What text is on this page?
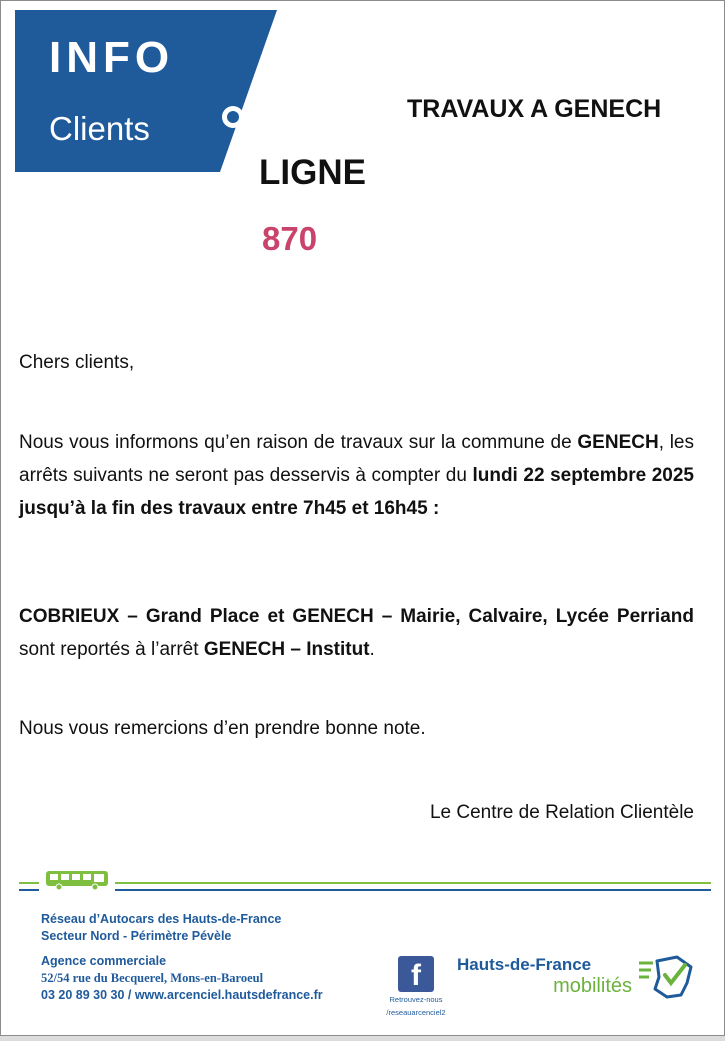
INFO
Clients
TRAVAUX A GENECH
LIGNE
870
Chers clients,
Nous vous informons qu’en raison de travaux sur la commune de GENECH, les arrêts suivants ne seront pas desservis à compter du lundi 22 septembre 2025 jusqu’à la fin des travaux entre 7h45 et 16h45 :
COBRIEUX – Grand Place et GENECH – Mairie, Calvaire, Lycée Perriand sont reportés à l’arrêt GENECH – Institut.
Nous vous remercions d’en prendre bonne note.
Le Centre de Relation Clientèle
Réseau d’Autocars des Hauts-de-France
Secteur Nord - Périmètre Pévèle
Agence commerciale
52/54 rue du Becquerel, Mons-en-Baroeul
03 20 89 30 30 / www.arcenciel.hautsdefrance.fr
f
Retrouvez-nous
/reseauarcenciel2
Hauts-de-France
mobilités
